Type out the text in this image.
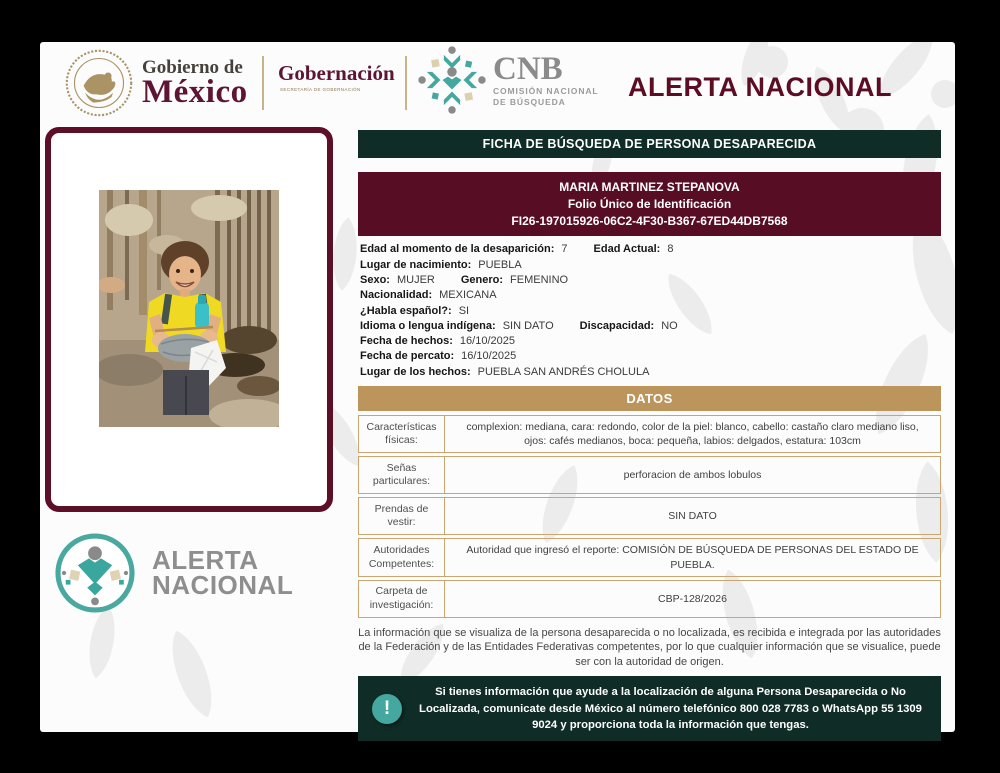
Gobierno de
México
Gobernación
SECRETARÍA DE GOBERNACIÓN
CNB
COMISIÓN NACIONAL
DE BÚSQUEDA	ALERTA NACIONAL
ALERTA
NACIONAL
FICHA DE BÚSQUEDA DE PERSONA DESAPARECIDA
MARIA MARTINEZ STEPANOVA
Folio Único de Identificación
FI26-197015926-06C2-4F30-B367-67ED44DB7568
Edad al momento de la desaparición: 7 Edad Actual: 8
Lugar de nacimiento: PUEBLA
Sexo: MUJER Genero: FEMENINO
Nacionalidad: MEXICANA
¿Habla español?: SI
Idioma o lengua indígena: SIN DATO Discapacidad: NO
Fecha de hechos: 16/10/2025
Fecha de percato: 16/10/2025
Lugar de los hechos: PUEBLA SAN ANDRÉS CHOLULA
DATOS
Características físicas:
complexion: mediana, cara: redondo, color de la piel: blanco, cabello: castaño claro mediano liso, ojos: cafés medianos, boca: pequeña, labios: delgados, estatura: 103cm
Señas particulares:
perforacion de ambos lobulos
Prendas de vestir:
SIN DATO
Autoridades Competentes:
Autoridad que ingresó el reporte: COMISIÓN DE BÚSQUEDA DE PERSONAS DEL ESTADO DE PUEBLA.
Carpeta de investigación:
CBP-128/2026

La información que se visualiza de la persona desaparecida o no localizada, es recibida e integrada por las autoridades de la Federación y de las Entidades Federativas competentes, por lo que cualquier información que se visualice, puede ser con la autoridad de origen.

!

Si tienes información que ayude a la localización de alguna Persona Desaparecida o No Localizada, comunicate desde México al número telefónico 800 028 7783 o WhatsApp 55 1309 9024 y proporciona toda la información que tengas.
